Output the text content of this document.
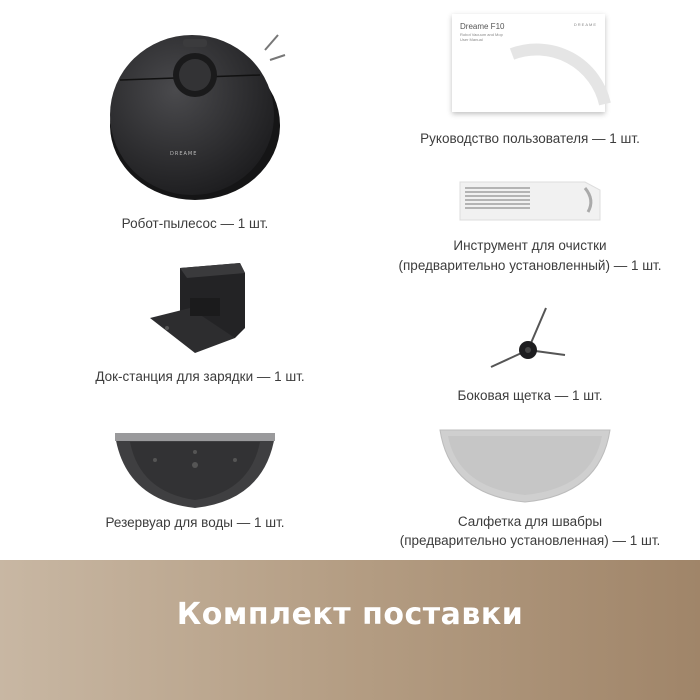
DREAME
Робот-пылесос — 1 шт.
Док-станция для зарядки — 1 шт.
Резервуар для воды — 1 шт.
Dreame F10
Robot Vacuum and Mop
User Manual
DREAME
Руководство пользователя — 1 шт.
Инструмент для очистки
(предварительно установленный) — 1 шт.
Боковая щетка — 1 шт.
Салфетка для швабры
(предварительно установленная) — 1 шт.
Комплект поставки
